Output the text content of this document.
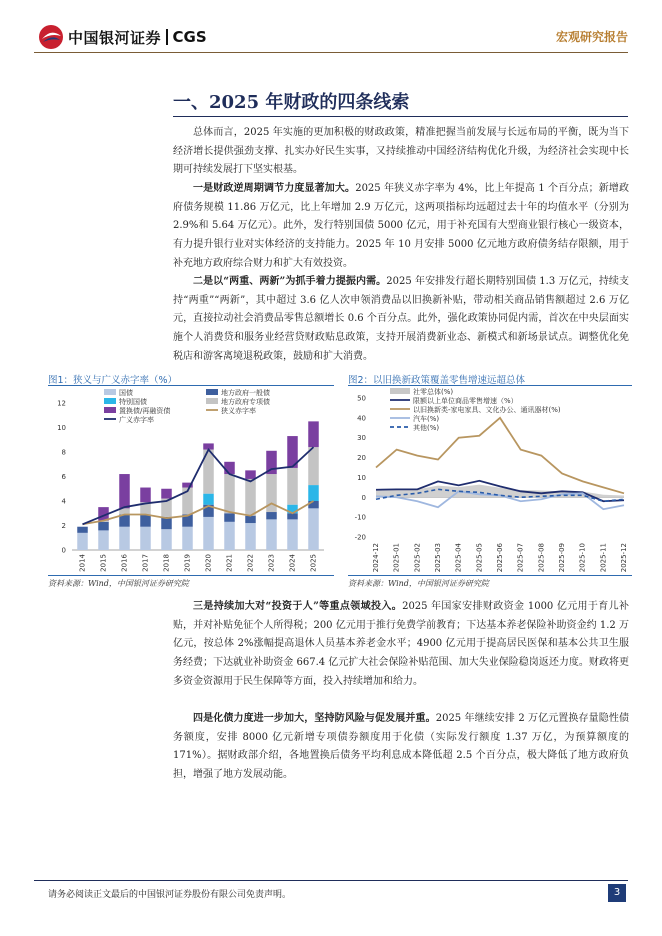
中国银河证券 CGS	宏观研究报告
一、2025 年财政的四条线索
总体而言，2025 年实施的更加积极的财政政策，精准把握当前发展与长远布局的平衡，既为当下经济增长提供强劲支撑、扎实办好民生实事，又持续推动中国经济结构优化升级，为经济社会实现中长期可持续发展打下坚实根基。
一是财政逆周期调节力度显著加大。2025 年狭义赤字率为 4%，比上年提高 1 个百分点；新增政府债务规模 11.86 万亿元，比上年增加 2.9 万亿元，这两项指标均远超过去十年的均值水平（分别为 2.9%和 5.64 万亿元）。此外，发行特别国债 5000 亿元，用于补充国有大型商业银行核心一级资本，有力提升银行业对实体经济的支持能力。2025 年 10 月安排 5000 亿元地方政府债务结存限额，用于补充地方政府综合财力和扩大有效投资。
二是以“两重、两新”为抓手着力提振内需。2025 年安排发行超长期特别国债 1.3 万亿元，持续支持“两重”“两新”，其中超过 3.6 亿人次申领消费品以旧换新补贴，带动相关商品销售额超过 2.6 万亿元，直接拉动社会消费品零售总额增长 0.6 个百分点。此外，强化政策协同促内需，首次在中央层面实施个人消费贷和服务业经营贷财政贴息政策，支持开展消费新业态、新模式和新场景试点。调整优化免税店和游客离境退税政策，鼓励和扩大消费。
图1：狭义与广义赤字率（%）
0
2
4
6
8
10
12
2014 2015 2016 2017 2018 2019 2020 2021 2022 2023 2024 2025
国债	地方政府一般债
特别国债	地方政府专项债
置换债/再融资债	狭义赤字率
广义赤字率
资料来源：Wind，中国银河证券研究院
图2：以旧换新政策覆盖零售增速远超总体
-20
-10
0
10
20
30
40
50
2024-12 2025-01 2025-02 2025-03 2025-04 2025-05 2025-06 2025-07 2025-08 2025-09 2025-10 2025-11 2025-12
社零总体(%)
限额以上单位商品零售增速（%）
以旧换新类-家电家具、文化办公、通讯器材(%)
汽车(%)
其他(%)
资料来源：Wind，中国银河证券研究院
三是持续加大对“投资于人”等重点领域投入。2025 年国家安排财政资金 1000 亿元用于育儿补贴，并对补贴免征个人所得税；200 亿元用于推行免费学前教育；下达基本养老保险补助资金约 1.2 万亿元，按总体 2%涨幅提高退休人员基本养老金水平；4900 亿元用于提高居民医保和基本公共卫生服务经费；下达就业补助资金 667.4 亿元扩大社会保险补贴范围、加大失业保险稳岗返还力度。财政将更多资金资源用于民生保障等方面，投入持续增加和给力。
四是化债力度进一步加大，坚持防风险与促发展并重。2025 年继续安排 2 万亿元置换存量隐性债务额度，安排 8000 亿元新增专项债券额度用于化债（实际发行额度 1.37 万亿，为预算额度的 171%）。据财政部介绍，各地置换后债务平均利息成本降低超 2.5 个百分点，极大降低了地方政府负担，增强了地方发展动能。
请务必阅读正文最后的中国银河证券股份有限公司免责声明。	3
